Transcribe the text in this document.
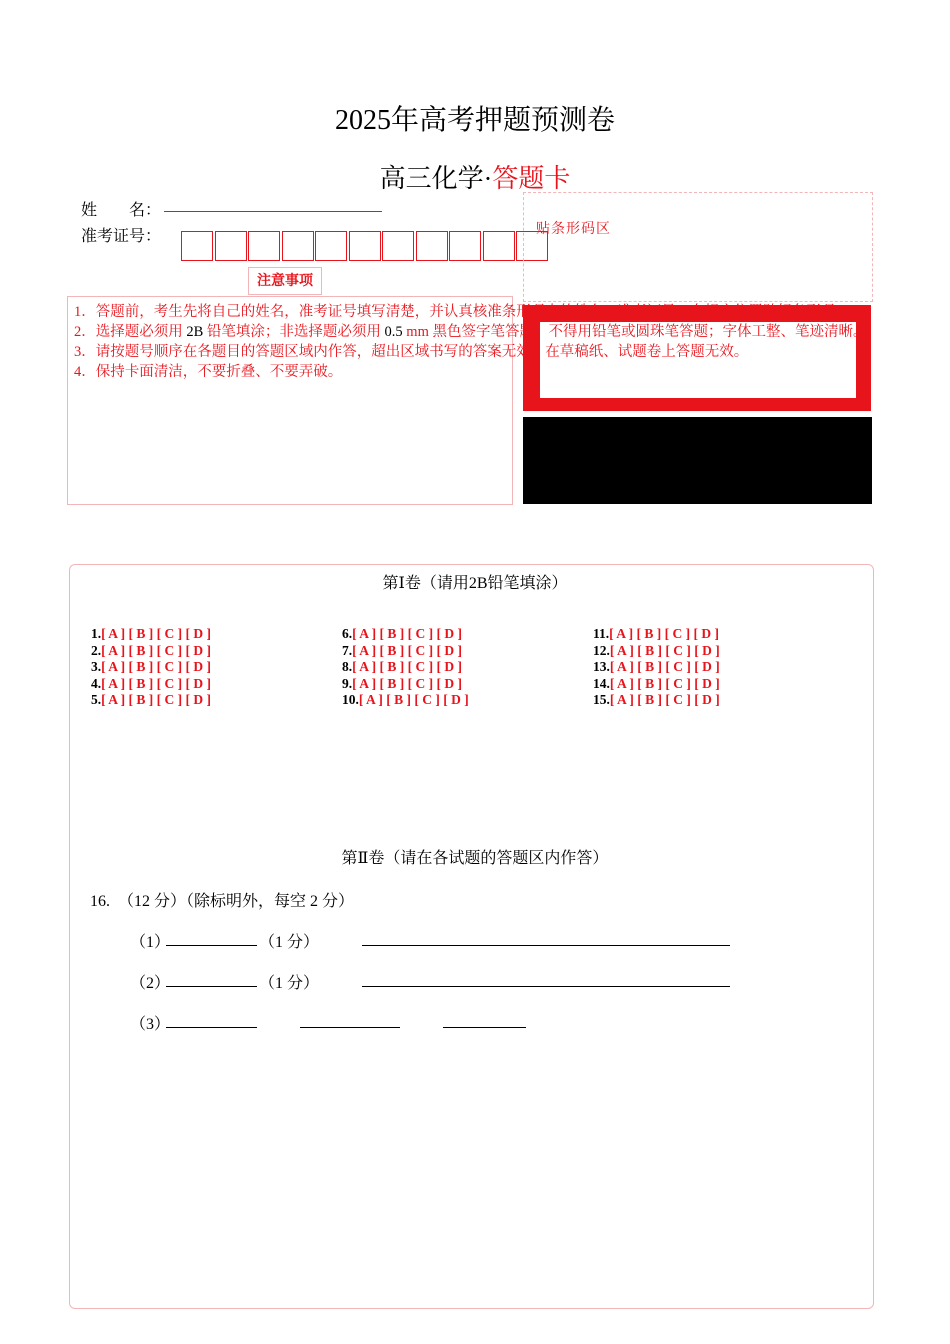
2025年高考押题预测卷
高三化学·答题卡
姓　　名：
准考证号：	贴条形码区
注意事项
1．答题前，考生先将自己的姓名，准考证号填写清楚，并认真核准条形码上的姓名、准考证号，在规定位置贴好条形码。
2．选择题必须用 2B 铅笔填涂；非选择题必须用 0.5 mm 黑色签字笔答题，不得用铅笔或圆珠笔答题；字体工整、笔迹清晰。
3．请按题号顺序在各题目的答题区域内作答，超出区域书写的答案无效；在草稿纸、试题卷上答题无效。
4．保持卡面清洁，不要折叠、不要弄破。
第Ⅰ卷（请用2B铅笔填涂）
1.[ A ] [ B ] [ C ] [ D ]
2.[ A ] [ B ] [ C ] [ D ]
3.[ A ] [ B ] [ C ] [ D ]
4.[ A ] [ B ] [ C ] [ D ]
5.[ A ] [ B ] [ C ] [ D ]
6.[ A ] [ B ] [ C ] [ D ]
7.[ A ] [ B ] [ C ] [ D ]
8.[ A ] [ B ] [ C ] [ D ]
9.[ A ] [ B ] [ C ] [ D ]
10.[ A ] [ B ] [ C ] [ D ]
11.[ A ] [ B ] [ C ] [ D ]
12.[ A ] [ B ] [ C ] [ D ]
13.[ A ] [ B ] [ C ] [ D ]
14.[ A ] [ B ] [ C ] [ D ]
15.[ A ] [ B ] [ C ] [ D ]
第Ⅱ卷（请在各试题的答题区内作答）
16.　（12 分）（除标明外，每空 2 分）
（1）	（1 分）
（2）	（1 分）
（3）
